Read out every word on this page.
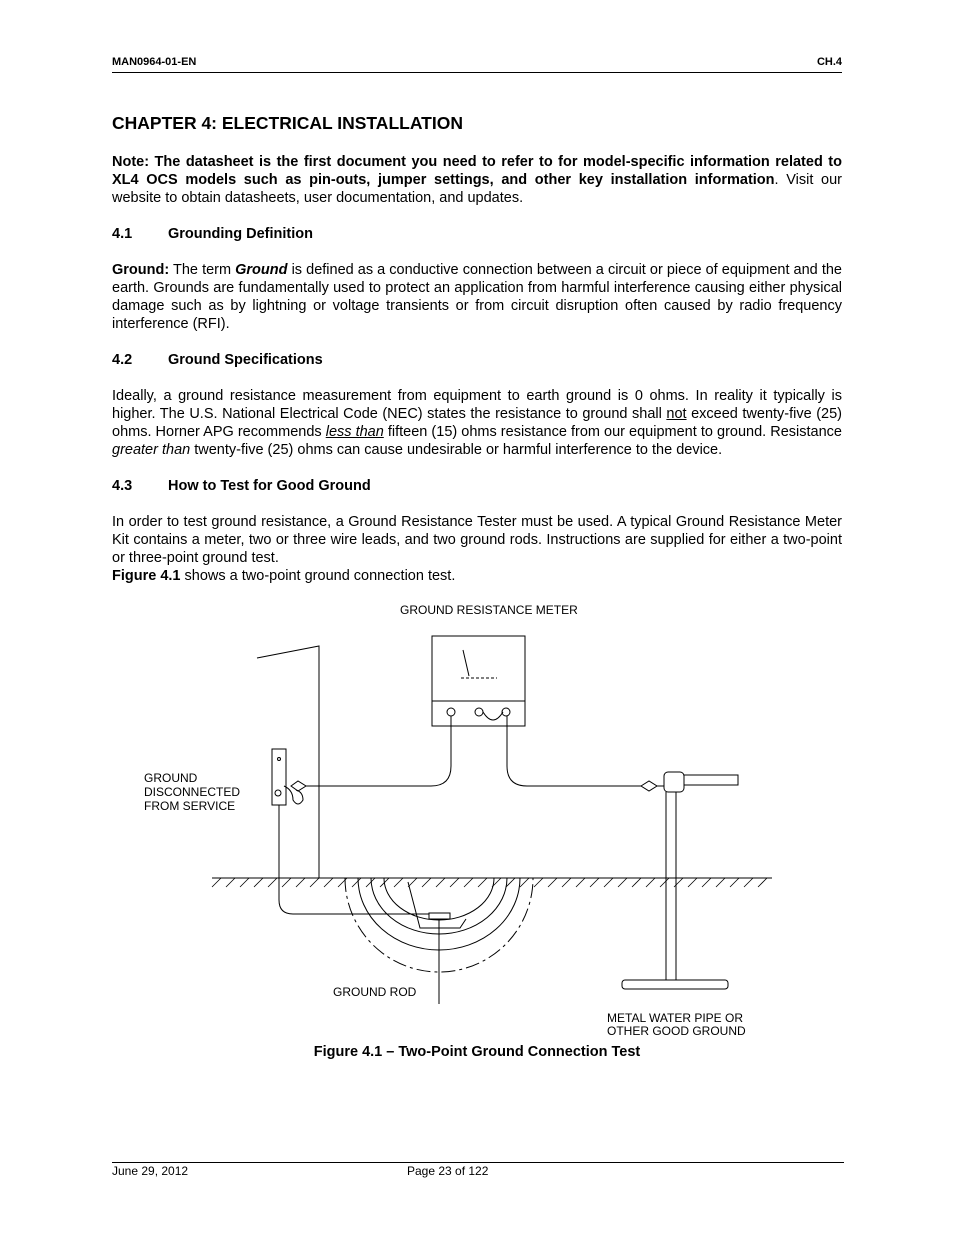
MAN0964-01-EN	CH.4
CHAPTER 4: ELECTRICAL INSTALLATION

Note: The datasheet is the first document you need to refer to for model-specific information related to XL4 OCS models such as pin-outs, jumper settings, and other key installation information. Visit our website to obtain datasheets, user documentation, and updates.

4.1 Grounding Definition

Ground: The term Ground is defined as a conductive connection between a circuit or piece of equipment and the earth. Grounds are fundamentally used to protect an application from harmful interference causing either physical damage such as by lightning or voltage transients or from circuit disruption often caused by radio frequency interference (RFI).

4.2 Ground Specifications

Ideally, a ground resistance measurement from equipment to earth ground is 0 ohms. In reality it typically is higher. The U.S. National Electrical Code (NEC) states the resistance to ground shall not exceed twenty-five (25) ohms. Horner APG recommends less than fifteen (15) ohms resistance from our equipment to ground. Resistance greater than twenty-five (25) ohms can cause undesirable or harmful interference to the device.

4.3 How to Test for Good Ground

In order to test ground resistance, a Ground Resistance Tester must be used. A typical Ground Resistance Meter Kit contains a meter, two or three wire leads, and two ground rods. Instructions are supplied for either a two-point or three-point ground test.
Figure 4.1 shows a two-point ground connection test.

GROUND RESISTANCE METER
GROUND
DISCONNECTED
FROM SERVICE
GROUND ROD
METAL WATER PIPE OR
OTHER GOOD GROUND
Figure 4.1 – Two-Point Ground Connection Test
June 29, 2012	Page 23 of 122
